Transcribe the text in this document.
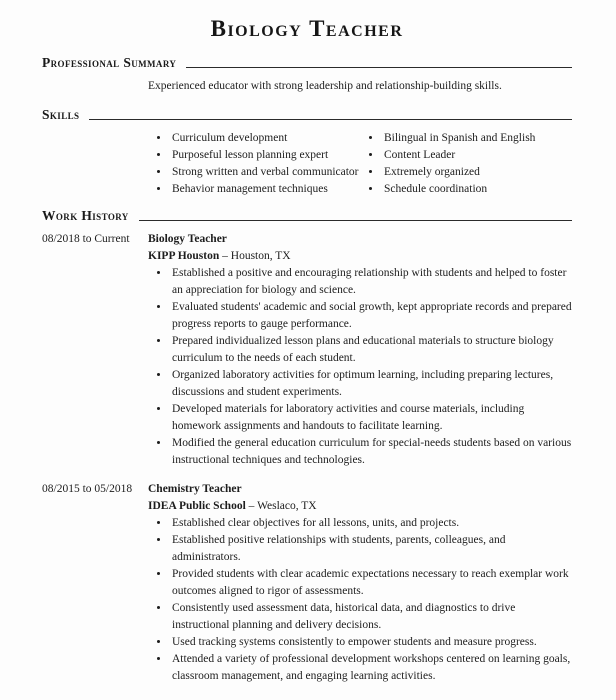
Biology Teacher
Professional Summary

Experienced educator with strong leadership and relationship-building skills.

Skills
• Curriculum development
• Purposeful lesson planning expert
• Strong written and verbal communicator
• Behavior management techniques
• Bilingual in Spanish and English
• Content Leader
• Extremely organized
• Schedule coordination
Work History
08/2018 to Current	Biology Teacher
KIPP Houston – Houston, TX
• Established a positive and encouraging relationship with students and helped to foster an appreciation for biology and science.
• Evaluated students' academic and social growth, kept appropriate records and prepared progress reports to gauge performance.
• Prepared individualized lesson plans and educational materials to structure biology curriculum to the needs of each student.
• Organized laboratory activities for optimum learning, including preparing lectures, discussions and student experiments.
• Developed materials for laboratory activities and course materials, including homework assignments and handouts to facilitate learning.
• Modified the general education curriculum for special-needs students based on various instructional techniques and technologies.
08/2015 to 05/2018	Chemistry Teacher
IDEA Public School – Weslaco, TX
• Established clear objectives for all lessons, units, and projects.
• Established positive relationships with students, parents, colleagues, and administrators.
• Provided students with clear academic expectations necessary to reach exemplar work outcomes aligned to rigor of assessments.
• Consistently used assessment data, historical data, and diagnostics to drive instructional planning and delivery decisions.
• Used tracking systems consistently to empower students and measure progress.
• Attended a variety of professional development workshops centered on learning goals, classroom management, and engaging learning activities.
